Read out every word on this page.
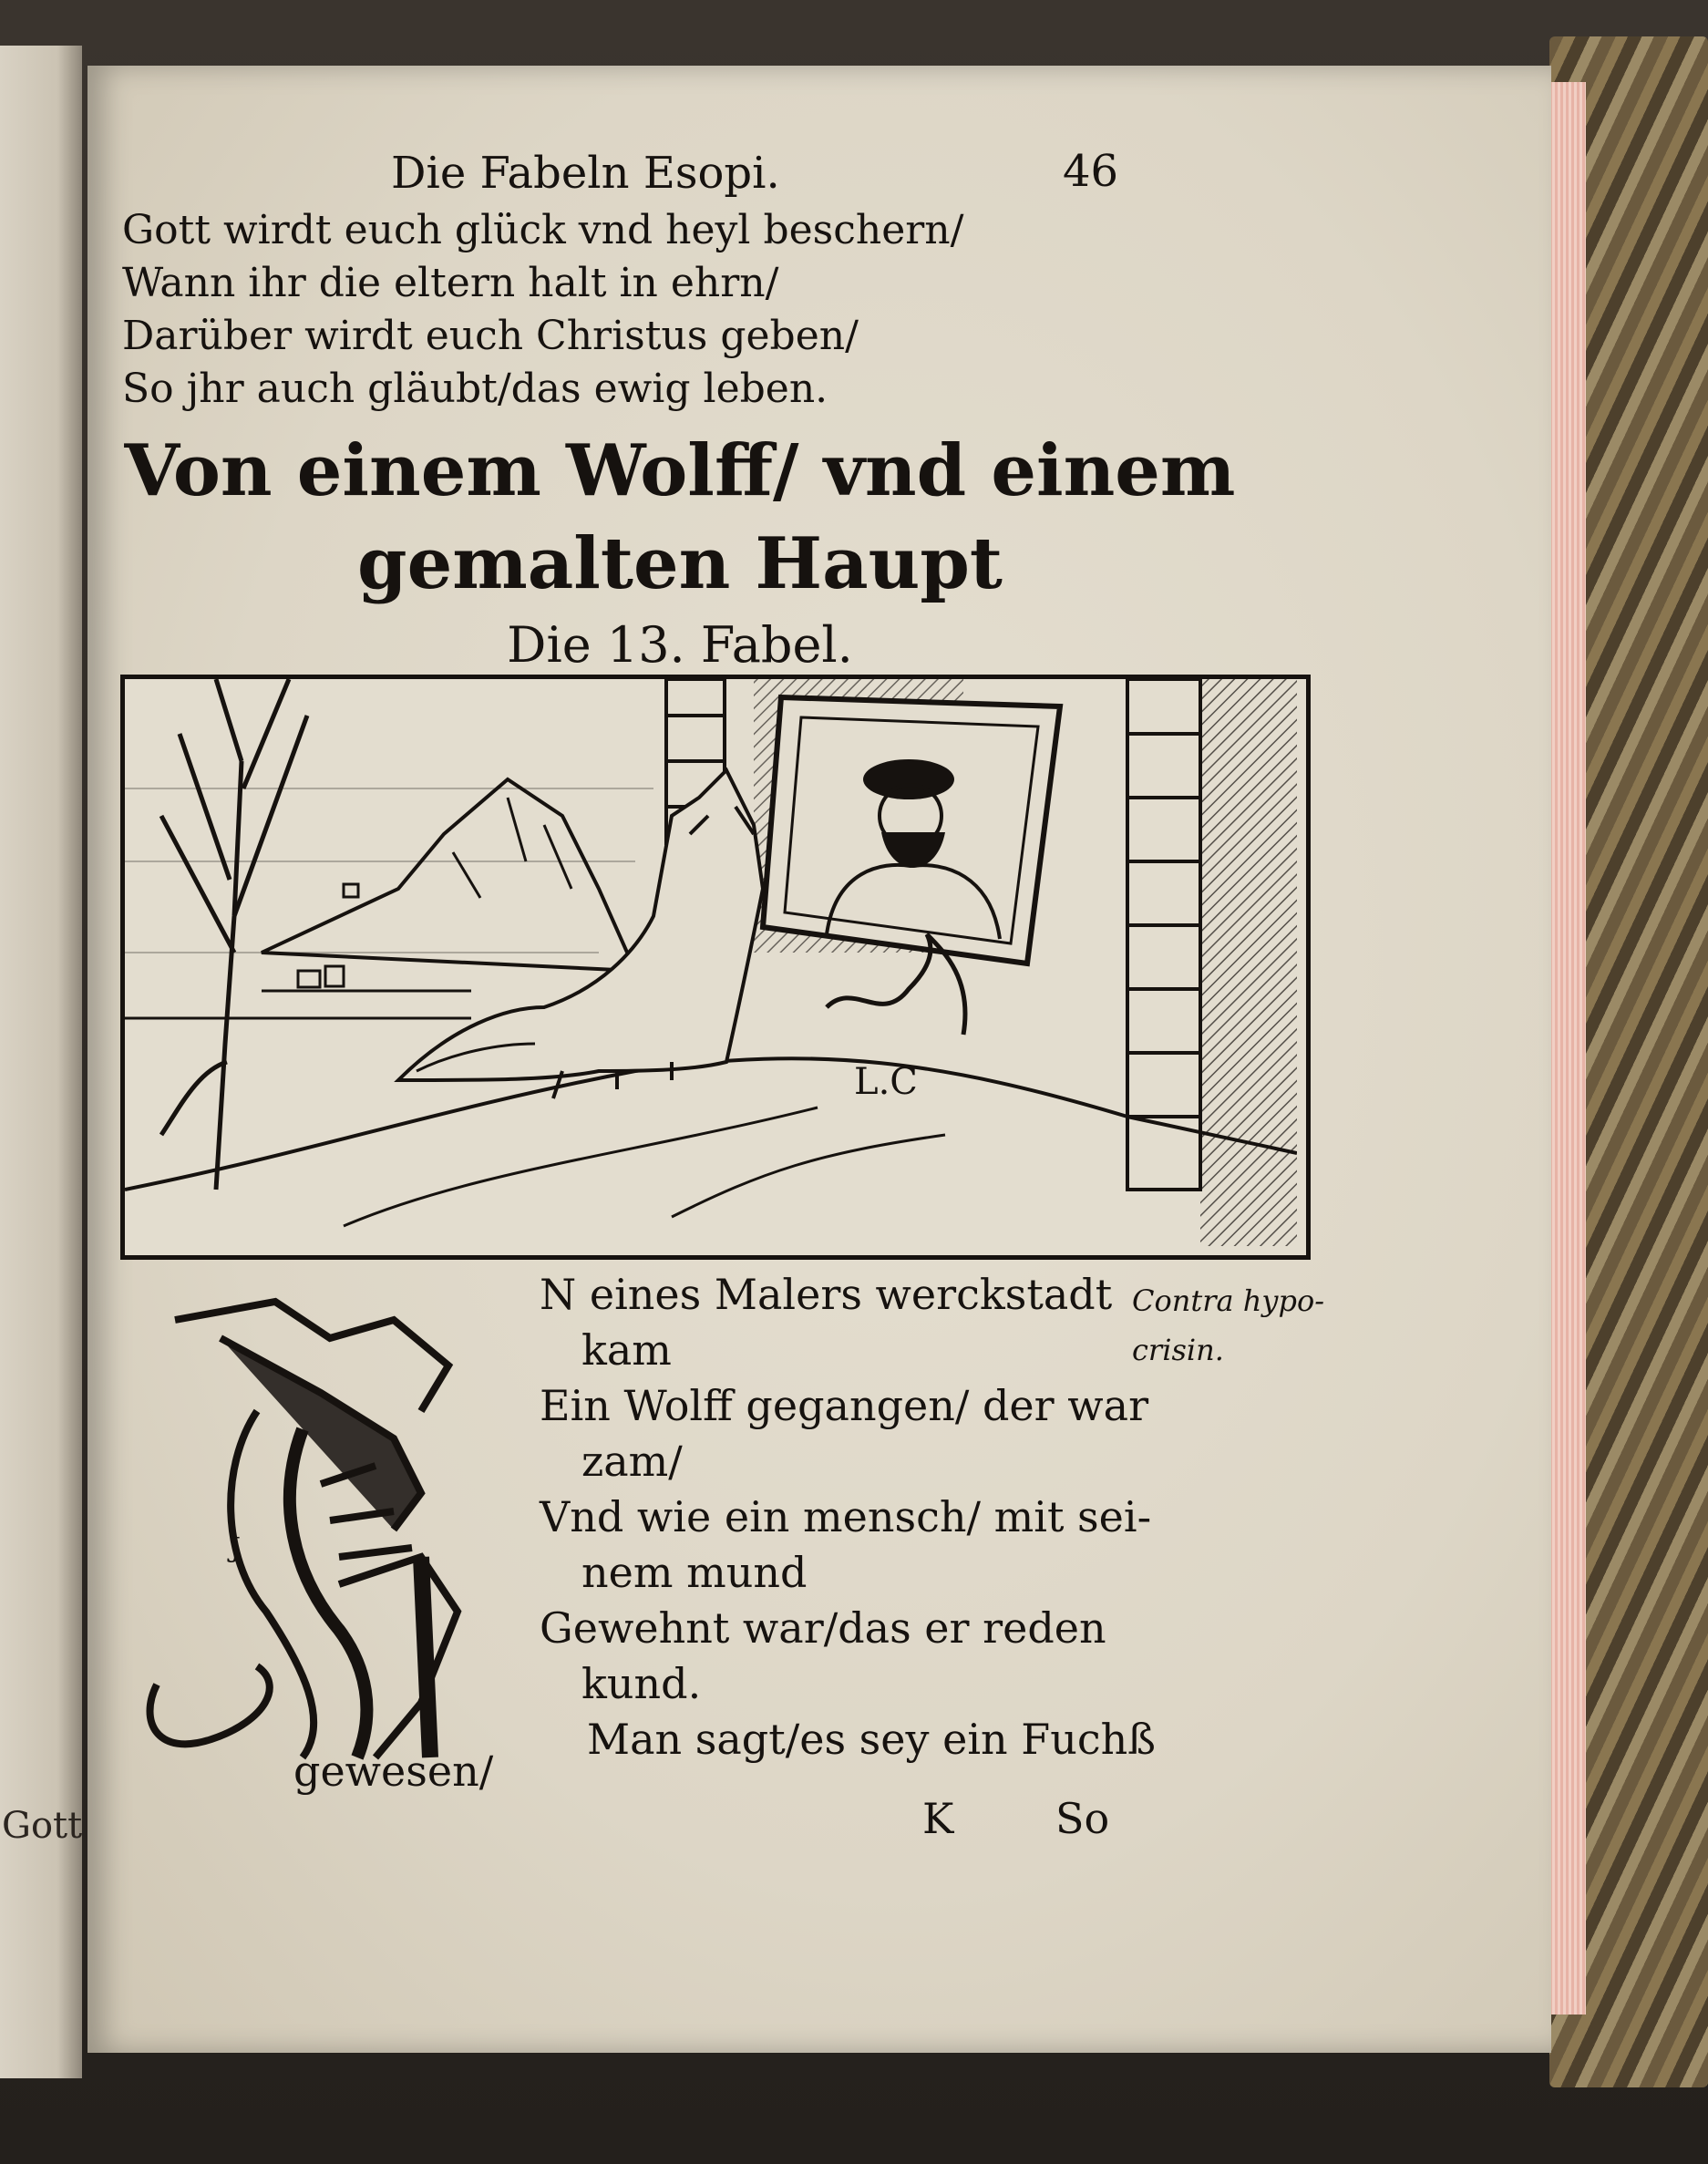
Gott
Die Fabeln Esopi.	46
Gott wirdt euch glück vnd heyl beschern/
Wann ihr die eltern halt in ehrn/
Darüber wirdt euch Christus geben/
So jhr auch gläubt/das ewig leben.
Von einem Wolff/ vnd einem
gemalten Haupt
Die 13. Fabel.
L.C
J
N eines Malers werckstadt
kam
Ein Wolff gegangen/ der war
zam/
Vnd wie ein mensch/ mit sei-
nem mund
Gewehnt war/das er reden
kund.
Man sagt/es sey ein Fuchß
Contra hypo-
crisin.
gewesen/
K So
